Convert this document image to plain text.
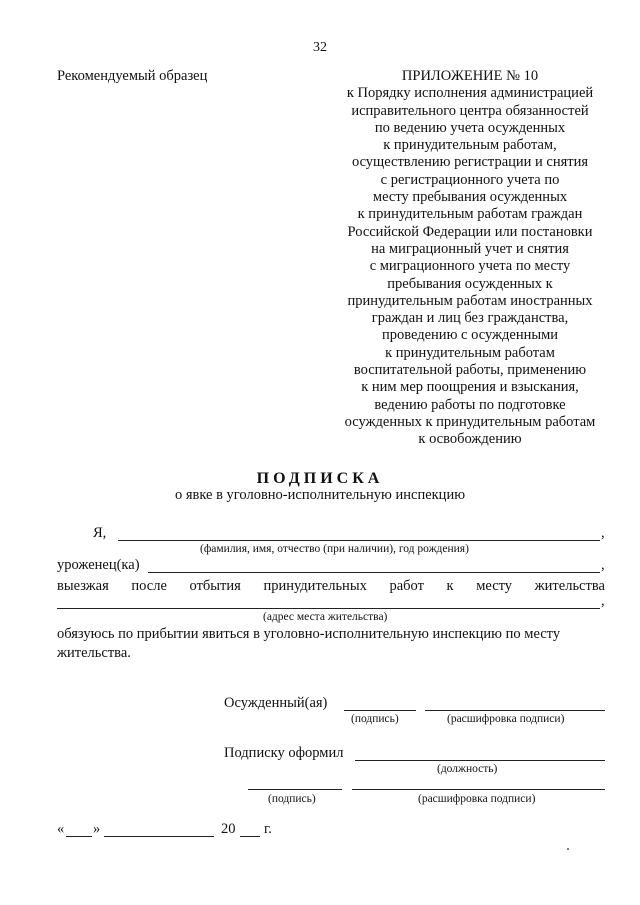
32
Рекомендуемый образец	ПРИЛОЖЕНИЕ № 10
к Порядку исполнения администрацией
исправительного центра обязанностей
по ведению учета осужденных
к принудительным работам,
осуществлению регистрации и снятия
с регистрационного учета по
месту пребывания осужденных
к принудительным работам граждан
Российской Федерации или постановки
на миграционный учет и снятия
с миграционного учета по месту
пребывания осужденных к
принудительным работам иностранных
граждан и лиц без гражданства,
проведению с осужденными
к принудительным работам
воспитательной работы, применению
к ним мер поощрения и взыскания,
ведению работы по подготовке
осужденных к принудительным работам
к освобождению
ПОДПИСКА
о явке в уголовно-исполнительную инспекцию
Я,	,
(фамилия, имя, отчество (при наличии), год рождения)
уроженец(ка)	,
выезжая после отбытия принудительных работ к месту жительства
,
(адрес места жительства)
обязуюсь по прибытии явиться в уголовно-исполнительную инспекцию по месту
жительства.
Осужденный(ая)
(подпись)	(расшифровка подписи)
Подписку оформил
(должность)
(подпись)	(расшифровка подписи)
« »	20 г.
